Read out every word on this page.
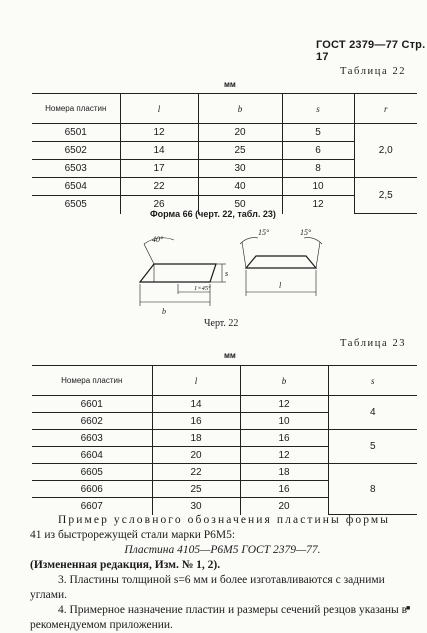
ГОСТ 2379—77 Стр. 17
Таблица 22
мм
Номера пластин	l	b	s	r
6501	12	20	5	2,0
6502	14	25	6	
6503	17	30	8	
6504	22	40	10	2,5
6505	26	50	12	
Форма 66 (черт. 22, табл. 23)
40°
15°	15°
1×45°
s
b
l
Черт. 22
Таблица 23
мм
Номера пластин	l	b	s
6601	14	12	4
6602	16	10	
6603	18	16	5
6604	20	12	
6605	22	18	8
6606	25	16	
6607	30	20	

Пример условного обозначения пластины формы

41 из быстрорежущей стали марки Р6М5:

Пластина 4105—Р6М5 ГОСТ 2379—77.

(Измененная редакция, Изм. № 1, 2).

3. Пластины толщиной s=6 мм и более изготавливаются с задними углами.

4. Примерное назначение пластин и размеры сечений резцов указаны в рекомендуемом приложении.

■
